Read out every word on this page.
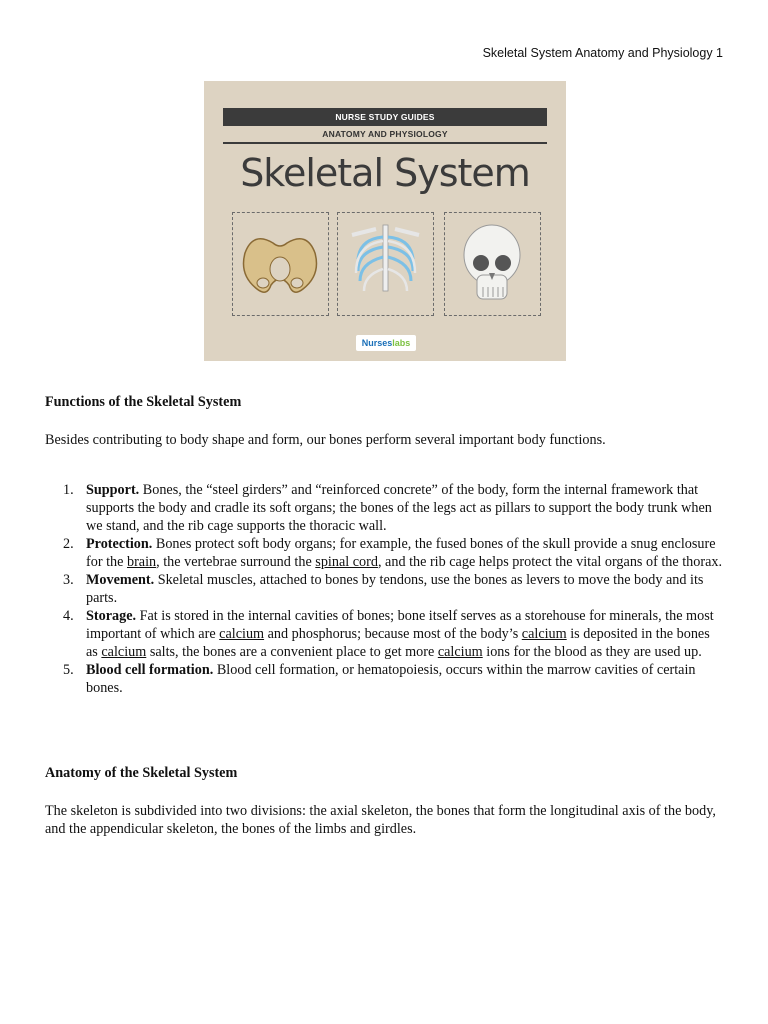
Skeletal System Anatomy and Physiology 1
NURSE STUDY GUIDES
ANATOMY AND PHYSIOLOGY
Skeletal System
Nurseslabs
Functions of the Skeletal System

Besides contributing to body shape and form, our bones perform several important body functions.

1. Support. Bones, the “steel girders” and “reinforced concrete” of the body, form the internal framework that supports the body and cradle its soft organs; the bones of the legs act as pillars to support the body trunk when we stand, and the rib cage supports the thoracic wall.
2. Protection. Bones protect soft body organs; for example, the fused bones of the skull provide a snug enclosure for the brain, the vertebrae surround the spinal cord, and the rib cage helps protect the vital organs of the thorax.
3. Movement. Skeletal muscles, attached to bones by tendons, use the bones as levers to move the body and its parts.
4. Storage. Fat is stored in the internal cavities of bones; bone itself serves as a storehouse for minerals, the most important of which are calcium and phosphorus; because most of the body’s calcium is deposited in the bones as calcium salts, the bones are a convenient place to get more calcium ions for the blood as they are used up.
5. Blood cell formation. Blood cell formation, or hematopoiesis, occurs within the marrow cavities of certain bones.
Anatomy of the Skeletal System

The skeleton is subdivided into two divisions: the axial skeleton, the bones that form the longitudinal axis of the body, and the appendicular skeleton, the bones of the limbs and girdles.
